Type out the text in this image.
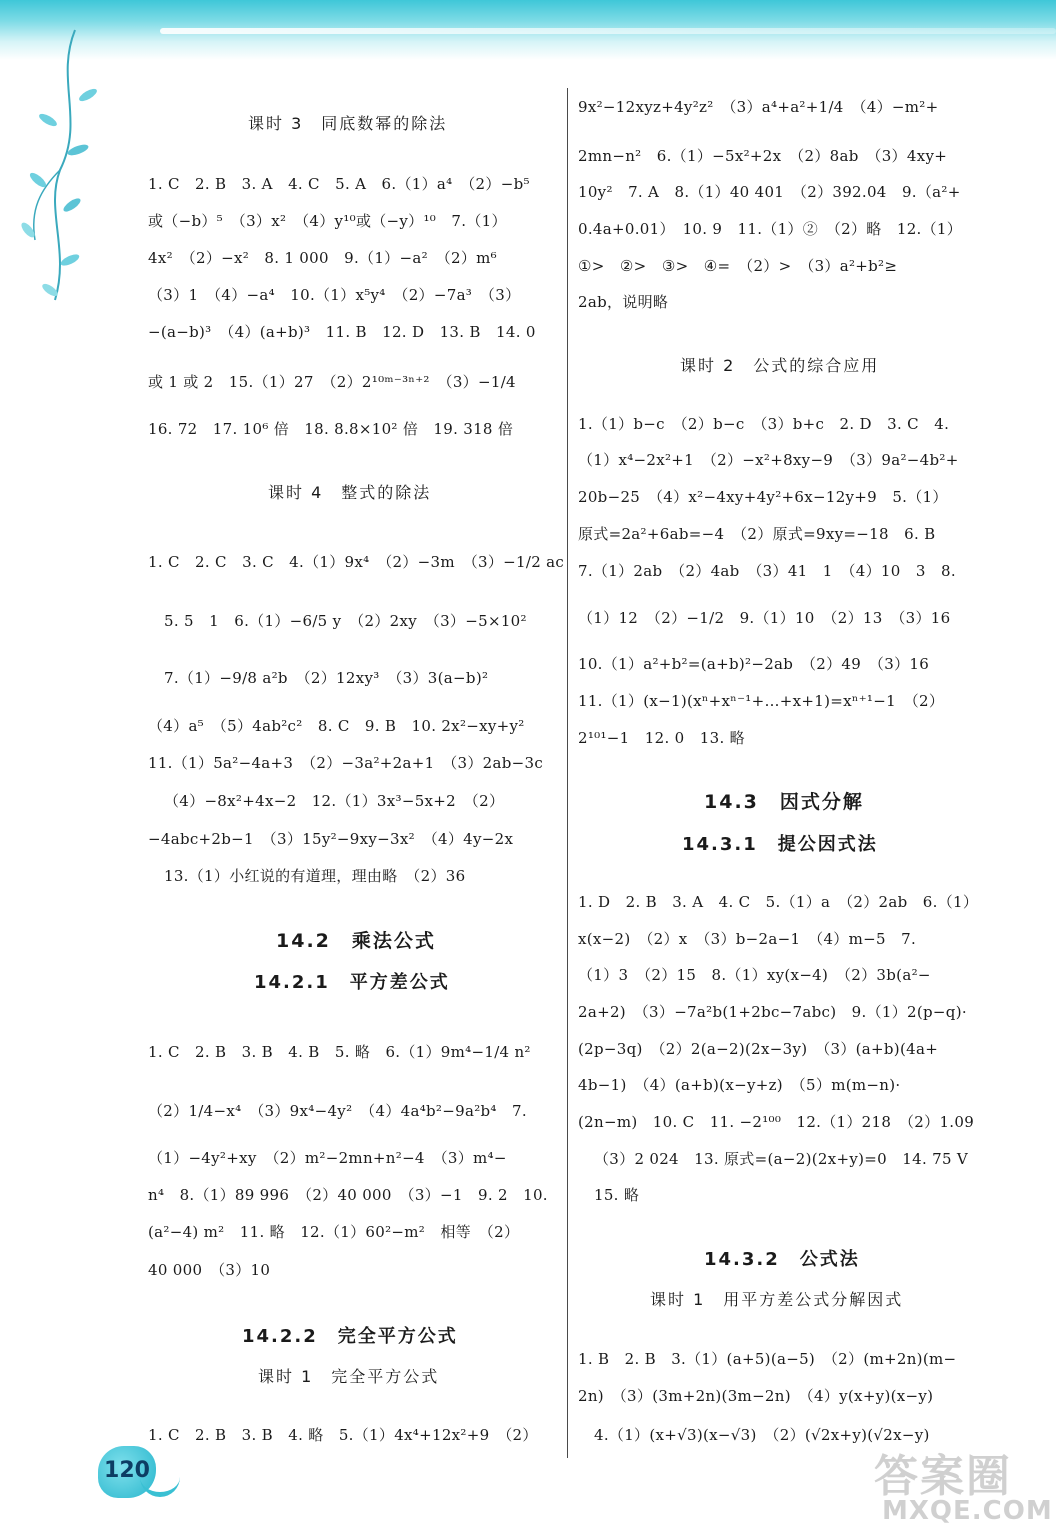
课时 3　同底数幂的除法
1. C　2. B　3. A　4. C　5. A　6.（1）a⁴　（2）−b⁵
或（−b）⁵　（3）x²　（4）y¹⁰或（−y）¹⁰　7.（1）
4x²　（2）−x²　8. 1 000　9.（1）−a²　（2）m⁶
（3）1　（4）−a⁴　10.（1）x⁵y⁴　（2）−7a³　（3）
−(a−b)³　（4）(a+b)³　11. B　12. D　13. B　14. 0
或 1 或 2　15.（1）27　（2）2¹⁰ᵐ⁻³ⁿ⁺²　（3）−1/4
16. 72　17. 10⁶ 倍　18. 8.8×10² 倍　19. 318 倍
课时 4　整式的除法
1. C　2. C　3. C　4.（1）9x⁴　（2）−3m　（3）−1/2 ac
5. 5　1　6.（1）−6/5 y　（2）2xy　（3）−5×10²
7.（1）−9/8 a²b　（2）12xy³　（3）3(a−b)²
（4）a⁵　（5）4ab²c²　8. C　9. B　10. 2x²−xy+y²
11.（1）5a²−4a+3　（2）−3a²+2a+1　（3）2ab−3c
（4）−8x²+4x−2　12.（1）3x³−5x+2　（2）
−4abc+2b−1　（3）15y²−9xy−3x²　（4）4y−2x
13.（1）小红说的有道理，理由略　（2）36
14.2　乘法公式
14.2.1　平方差公式
1. C　2. B　3. B　4. B　5. 略　6.（1）9m⁴−1/4 n²
（2）1/4−x⁴　（3）9x⁴−4y²　（4）4a⁴b²−9a²b⁴　7.
（1）−4y²+xy　（2）m²−2mn+n²−4　（3）m⁴−
n⁴　8.（1）89 996　（2）40 000　（3）−1　9. 2　10.
(a²−4) m²　11. 略　12.（1）60²−m²　相等　（2）
40 000　（3）10
14.2.2　完全平方公式
课时 1　完全平方公式
1. C　2. B　3. B　4. 略　5.（1）4x⁴+12x²+9　（2）
9x²−12xyz+4y²z²　（3）a⁴+a²+1/4　（4）−m²+
2mn−n²　6.（1）−5x²+2x　（2）8ab　（3）4xy+
10y²　7. A　8.（1）40 401　（2）392.04　9.（a²+
0.4a+0.01）　10. 9　11.（1）②　（2）略　12.（1）
①>　②>　③>　④=　（2）>　（3）a²+b²≥
2ab，说明略
课时 2　公式的综合应用
1.（1）b−c　（2）b−c　（3）b+c　2. D　3. C　4.
（1）x⁴−2x²+1　（2）−x²+8xy−9　（3）9a²−4b²+
20b−25　（4）x²−4xy+4y²+6x−12y+9　5.（1）
原式=2a²+6ab=−4　（2）原式=9xy=−18　6. B
7.（1）2ab　（2）4ab　（3）41　1　（4）10　3　8.
（1）12　（2）−1/2　9.（1）10　（2）13　（3）16
10.（1）a²+b²=(a+b)²−2ab　（2）49　（3）16
11.（1）(x−1)(xⁿ+xⁿ⁻¹+…+x+1)=xⁿ⁺¹−1　（2）
2¹⁰¹−1　12. 0　13. 略
14.3　因式分解
14.3.1　提公因式法
1. D　2. B　3. A　4. C　5.（1）a　（2）2ab　6.（1）
x(x−2)　（2）x　（3）b−2a−1　（4）m−5　7.
（1）3　（2）15　8.（1）xy(x−4)　（2）3b(a²−
2a+2)　（3）−7a²b(1+2bc−7abc)　9.（1）2(p−q)·
(2p−3q)　（2）2(a−2)(2x−3y)　（3）(a+b)(4a+
4b−1)　（4）(a+b)(x−y+z)　（5）m(m−n)·
(2n−m)　10. C　11. −2¹⁰⁰　12.（1）218　（2）1.09
（3）2 024　13. 原式=(a−2)(2x+y)=0　14. 75 V
15. 略
14.3.2　公式法
课时 1　用平方差公式分解因式
1. B　2. B　3.（1）(a+5)(a−5)　（2）(m+2n)(m−
2n)　（3）(3m+2n)(3m−2n)　（4）y(x+y)(x−y)
4.（1）(x+√3)(x−√3)　（2）(√2x+y)(√2x−y)
120	答案圈
MXQE.COM
